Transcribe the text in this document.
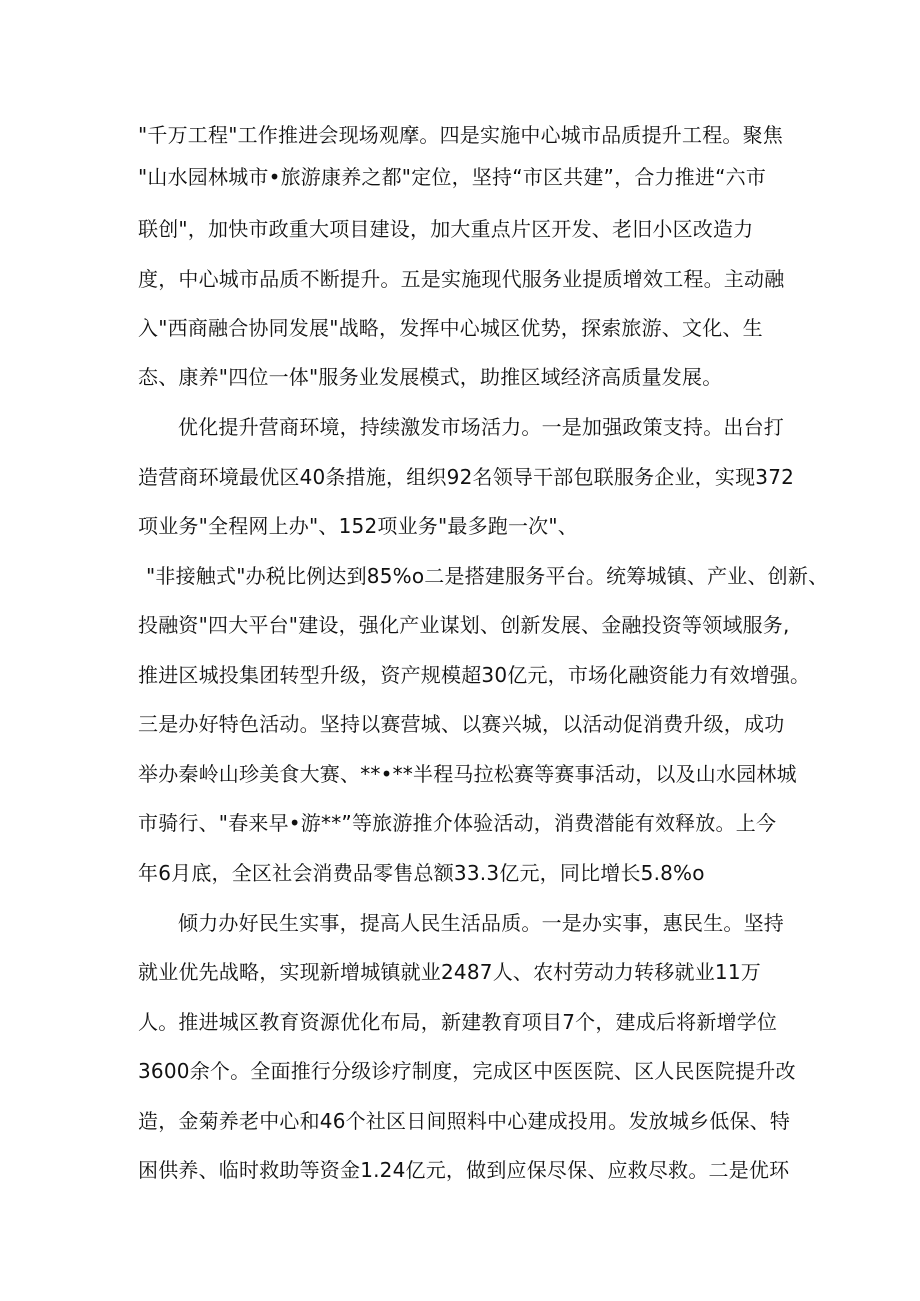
"千万工程"工作推进会现场观摩。四是实施中心城市品质提升工程。聚焦
"山水园林城市•旅游康养之都"定位，坚持“市区共建”，合力推进“六市
联创"，加快市政重大项目建设，加大重点片区开发、老旧小区改造力
度，中心城市品质不断提升。五是实施现代服务业提质增效工程。主动融
入"西商融合协同发展"战略，发挥中心城区优势，探索旅游、文化、生
态、康养"四位一体"服务业发展模式，助推区域经济高质量发展。
优化提升营商环境，持续激发市场活力。一是加强政策支持。出台打
造营商环境最优区40条措施，组织92名领导干部包联服务企业，实现372
项业务"全程网上办"、152项业务"最多跑一次"、
"非接触式"办税比例达到85%o二是搭建服务平台。统筹城镇、产业、创新、
投融资"四大平台"建设，强化产业谋划、创新发展、金融投资等领域服务,
推进区城投集团转型升级，资产规模超30亿元，市场化融资能力有效增强。
三是办好特色活动。坚持以赛营城、以赛兴城，以活动促消费升级，成功
举办秦岭山珍美食大赛、**•**半程马拉松赛等赛事活动，以及山水园林城
市骑行、"春来早•游**”等旅游推介体验活动，消费潜能有效释放。上今
年6月底，全区社会消费品零售总额33.3亿元，同比增长5.8%o
倾力办好民生实事，提高人民生活品质。一是办实事，惠民生。坚持
就业优先战略，实现新增城镇就业2487人、农村劳动力转移就业11万
人。推进城区教育资源优化布局，新建教育项目7个，建成后将新增学位
3600余个。全面推行分级诊疗制度，完成区中医医院、区人民医院提升改
造，金菊养老中心和46个社区日间照料中心建成投用。发放城乡低保、特
困供养、临时救助等资金1.24亿元，做到应保尽保、应救尽救。二是优环
